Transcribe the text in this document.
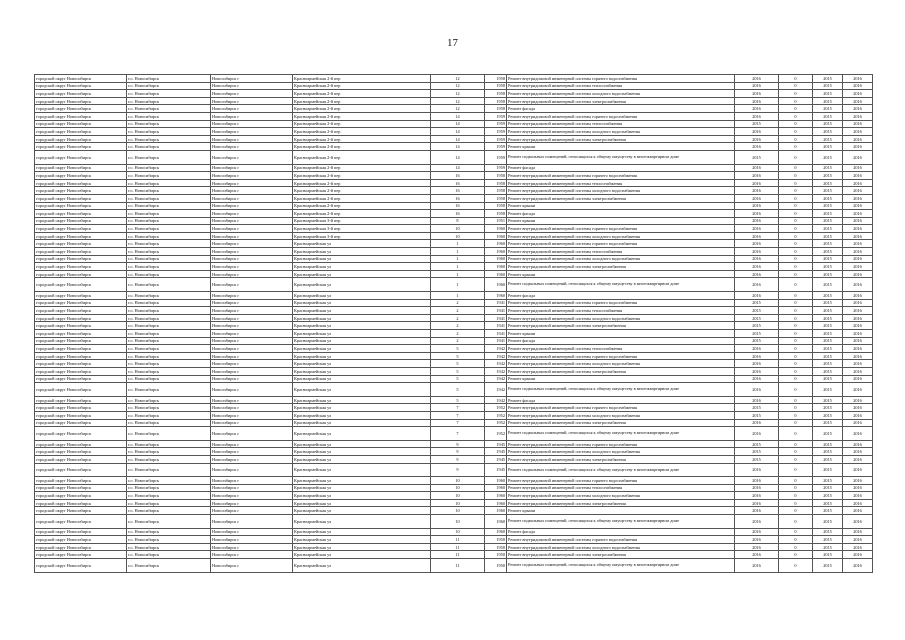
17
городской округ Новосибирск	г.о. Новосибирск	Новосибирск г	Красноармейская 2-й пер	12	1958	Ремонт внутридомовой инженерной системы горячего водоснабжения	2016	0	2015	2016
городской округ Новосибирск	г.о. Новосибирск	Новосибирск г	Красноармейская 2-й пер	12	1958	Ремонт внутридомовой инженерной системы теплоснабжения	2016	0	2015	2016
городской округ Новосибирск	г.о. Новосибирск	Новосибирск г	Красноармейская 2-й пер	12	1958	Ремонт внутридомовой инженерной системы холодного водоснабжения	2016	0	2015	2016
городской округ Новосибирск	г.о. Новосибирск	Новосибирск г	Красноармейская 2-й пер	12	1958	Ремонт внутридомовой инженерной системы электроснабжения	2016	0	2015	2016
городской округ Новосибирск	г.о. Новосибирск	Новосибирск г	Красноармейская 2-й пер	12	1958	Ремонт фасада	2016	0	2015	2016
городской округ Новосибирск	г.о. Новосибирск	Новосибирск г	Красноармейская 2-й пер	14	1959	Ремонт внутридомовой инженерной системы горячего водоснабжения	2016	0	2015	2016
городской округ Новосибирск	г.о. Новосибирск	Новосибирск г	Красноармейская 2-й пер	14	1959	Ремонт внутридомовой инженерной системы теплоснабжения	2015	0	2015	2016
городской округ Новосибирск	г.о. Новосибирск	Новосибирск г	Красноармейская 2-й пер	14	1959	Ремонт внутридомовой инженерной системы холодного водоснабжения	2016	0	2015	2016
городской округ Новосибирск	г.о. Новосибирск	Новосибирск г	Красноармейская 2-й пер	14	1959	Ремонт внутридомовой инженерной системы электроснабжения	2016	0	2015	2016
городской округ Новосибирск	г.о. Новосибирск	Новосибирск г	Красноармейская 2-й пер	14	1959	Ремонт крыши	2016	0	2015	2016
городской округ Новосибирск	г.о. Новосибирск	Новосибирск г	Красноармейская 2-й пер	14	1959	Ремонт подвальных помещений, относящихся к общему имуществу в многоквартирном доме	2015	0	2015	2016
городской округ Новосибирск	г.о. Новосибирск	Новосибирск г	Красноармейская 2-й пер	14	1959	Ремонт фасада	2016	0	2015	2016
городской округ Новосибирск	г.о. Новосибирск	Новосибирск г	Красноармейская 2-й пер	16	1958	Ремонт внутридомовой инженерной системы горячего водоснабжения	2016	0	2015	2016
городской округ Новосибирск	г.о. Новосибирск	Новосибирск г	Красноармейская 2-й пер	16	1958	Ремонт внутридомовой инженерной системы теплоснабжения	2016	0	2015	2016
городской округ Новосибирск	г.о. Новосибирск	Новосибирск г	Красноармейская 2-й пер	16	1958	Ремонт внутридомовой инженерной системы холодного водоснабжения	2016	0	2015	2016
городской округ Новосибирск	г.о. Новосибирск	Новосибирск г	Красноармейская 2-й пер	16	1958	Ремонт внутридомовой инженерной системы электроснабжения	2016	0	2015	2016
городской округ Новосибирск	г.о. Новосибирск	Новосибирск г	Красноармейская 2-й пер	16	1958	Ремонт крыши	2016	0	2015	2016
городской округ Новосибирск	г.о. Новосибирск	Новосибирск г	Красноармейская 2-й пер	16	1958	Ремонт фасада	2016	0	2015	2016
городской округ Новосибирск	г.о. Новосибирск	Новосибирск г	Красноармейская 3-й пер	8	1951	Ремонт крыши	2016	0	2015	2016
городской округ Новосибирск	г.о. Новосибирск	Новосибирск г	Красноармейская 3-й пер	10	1960	Ремонт внутридомовой инженерной системы горячего водоснабжения	2016	0	2015	2016
городской округ Новосибирск	г.о. Новосибирск	Новосибирск г	Красноармейская 3-й пер	10	1960	Ремонт внутридомовой инженерной системы холодного водоснабжения	2016	0	2015	2016
городской округ Новосибирск	г.о. Новосибирск	Новосибирск г	Красноармейская ул	1	1960	Ремонт внутридомовой инженерной системы горячего водоснабжения	2016	0	2015	2016
городской округ Новосибирск	г.о. Новосибирск	Новосибирск г	Красноармейская ул	1	1960	Ремонт внутридомовой инженерной системы теплоснабжения	2016	0	2015	2016
городской округ Новосибирск	г.о. Новосибирск	Новосибирск г	Красноармейская ул	1	1960	Ремонт внутридомовой инженерной системы холодного водоснабжения	2016	0	2015	2016
городской округ Новосибирск	г.о. Новосибирск	Новосибирск г	Красноармейская ул	1	1960	Ремонт внутридомовой инженерной системы электроснабжения	2016	0	2015	2016
городской округ Новосибирск	г.о. Новосибирск	Новосибирск г	Красноармейская ул	1	1960	Ремонт крыши	2016	0	2015	2016
городской округ Новосибирск	г.о. Новосибирск	Новосибирск г	Красноармейская ул	1	1960	Ремонт подвальных помещений, относящихся к общему имуществу в многоквартирном доме	2016	0	2015	2016
городской округ Новосибирск	г.о. Новосибирск	Новосибирск г	Красноармейская ул	1	1960	Ремонт фасада	2016	0	2015	2016
городской округ Новосибирск	г.о. Новосибирск	Новосибирск г	Красноармейская ул	2	1941	Ремонт внутридомовой инженерной системы горячего водоснабжения	2015	0	2015	2016
городской округ Новосибирск	г.о. Новосибирск	Новосибирск г	Красноармейская ул	2	1941	Ремонт внутридомовой инженерной системы теплоснабжения	2015	0	2015	2016
городской округ Новосибирск	г.о. Новосибирск	Новосибирск г	Красноармейская ул	2	1941	Ремонт внутридомовой инженерной системы холодного водоснабжения	2015	0	2015	2016
городской округ Новосибирск	г.о. Новосибирск	Новосибирск г	Красноармейская ул	2	1941	Ремонт внутридомовой инженерной системы электроснабжения	2015	0	2015	2016
городской округ Новосибирск	г.о. Новосибирск	Новосибирск г	Красноармейская ул	2	1941	Ремонт крыши	2015	0	2015	2016
городской округ Новосибирск	г.о. Новосибирск	Новосибирск г	Красноармейская ул	2	1941	Ремонт фасада	2015	0	2015	2016
городской округ Новосибирск	г.о. Новосибирск	Новосибирск г	Красноармейская ул	5	1942	Ремонт внутридомовой инженерной системы теплоснабжения	2016	0	2015	2016
городской округ Новосибирск	г.о. Новосибирск	Новосибирск г	Красноармейская ул	5	1942	Ремонт внутридомовой инженерной системы горячего водоснабжения	2016	0	2015	2016
городской округ Новосибирск	г.о. Новосибирск	Новосибирск г	Красноармейская ул	5	1942	Ремонт внутридомовой инженерной системы холодного водоснабжения	2016	0	2015	2016
городской округ Новосибирск	г.о. Новосибирск	Новосибирск г	Красноармейская ул	5	1942	Ремонт внутридомовой инженерной системы электроснабжения	2016	0	2015	2016
городской округ Новосибирск	г.о. Новосибирск	Новосибирск г	Красноармейская ул	5	1942	Ремонт крыши	2016	0	2015	2016
городской округ Новосибирск	г.о. Новосибирск	Новосибирск г	Красноармейская ул	5	1942	Ремонт подвальных помещений, относящихся к общему имуществу в многоквартирном доме	2016	0	2015	2016
городской округ Новосибирск	г.о. Новосибирск	Новосибирск г	Красноармейская ул	5	1942	Ремонт фасада	2016	0	2015	2016
городской округ Новосибирск	г.о. Новосибирск	Новосибирск г	Красноармейская ул	7	1952	Ремонт внутридомовой инженерной системы горячего водоснабжения	2015	0	2015	2016
городской округ Новосибирск	г.о. Новосибирск	Новосибирск г	Красноармейская ул	7	1952	Ремонт внутридомовой инженерной системы холодного водоснабжения	2015	0	2015	2016
городской округ Новосибирск	г.о. Новосибирск	Новосибирск г	Красноармейская ул	7	1952	Ремонт внутридомовой инженерной системы электроснабжения	2016	0	2015	2016
городской округ Новосибирск	г.о. Новосибирск	Новосибирск г	Красноармейская ул	7	1952	Ремонт подвальных помещений, относящихся к общему имуществу в многоквартирном доме	2016	0	2015	2016
городской округ Новосибирск	г.о. Новосибирск	Новосибирск г	Красноармейская ул	9	1945	Ремонт внутридомовой инженерной системы горячего водоснабжения	2015	0	2015	2016
городской округ Новосибирск	г.о. Новосибирск	Новосибирск г	Красноармейская ул	9	1945	Ремонт внутридомовой инженерной системы холодного водоснабжения	2015	0	2015	2016
городской округ Новосибирск	г.о. Новосибирск	Новосибирск г	Красноармейская ул	9	1945	Ремонт внутридомовой инженерной системы электроснабжения	2015	0	2015	2016
городской округ Новосибирск	г.о. Новосибирск	Новосибирск г	Красноармейская ул	9	1945	Ремонт подвальных помещений, относящихся к общему имуществу в многоквартирном доме	2016	0	2015	2016
городской округ Новосибирск	г.о. Новосибирск	Новосибирск г	Красноармейская ул	10	1960	Ремонт внутридомовой инженерной системы горячего водоснабжения	2016	0	2015	2016
городской округ Новосибирск	г.о. Новосибирск	Новосибирск г	Красноармейская ул	10	1960	Ремонт внутридомовой инженерной системы теплоснабжения	2016	0	2015	2016
городской округ Новосибирск	г.о. Новосибирск	Новосибирск г	Красноармейская ул	10	1960	Ремонт внутридомовой инженерной системы холодного водоснабжения	2016	0	2015	2016
городской округ Новосибирск	г.о. Новосибирск	Новосибирск г	Красноармейская ул	10	1960	Ремонт внутридомовой инженерной системы электроснабжения	2016	0	2015	2016
городской округ Новосибирск	г.о. Новосибирск	Новосибирск г	Красноармейская ул	10	1960	Ремонт крыши	2016	0	2015	2016
городской округ Новосибирск	г.о. Новосибирск	Новосибирск г	Красноармейская ул	10	1960	Ремонт подвальных помещений, относящихся к общему имуществу в многоквартирном доме	2016	0	2015	2016
городской округ Новосибирск	г.о. Новосибирск	Новосибирск г	Красноармейская ул	10	1960	Ремонт фасада	2016	0	2015	2016
городской округ Новосибирск	г.о. Новосибирск	Новосибирск г	Красноармейская ул	11	1950	Ремонт внутридомовой инженерной системы горячего водоснабжения	2016	0	2015	2016
городской округ Новосибирск	г.о. Новосибирск	Новосибирск г	Красноармейская ул	11	1950	Ремонт внутридомовой инженерной системы холодного водоснабжения	2016	0	2015	2016
городской округ Новосибирск	г.о. Новосибирск	Новосибирск г	Красноармейская ул	11	1950	Ремонт внутридомовой инженерной системы электроснабжения	2016	0	2015	2016
городской округ Новосибирск	г.о. Новосибирск	Новосибирск г	Красноармейская ул	11	1950	Ремонт подвальных помещений, относящихся к общему имуществу в многоквартирном доме	2016	0	2015	2016
